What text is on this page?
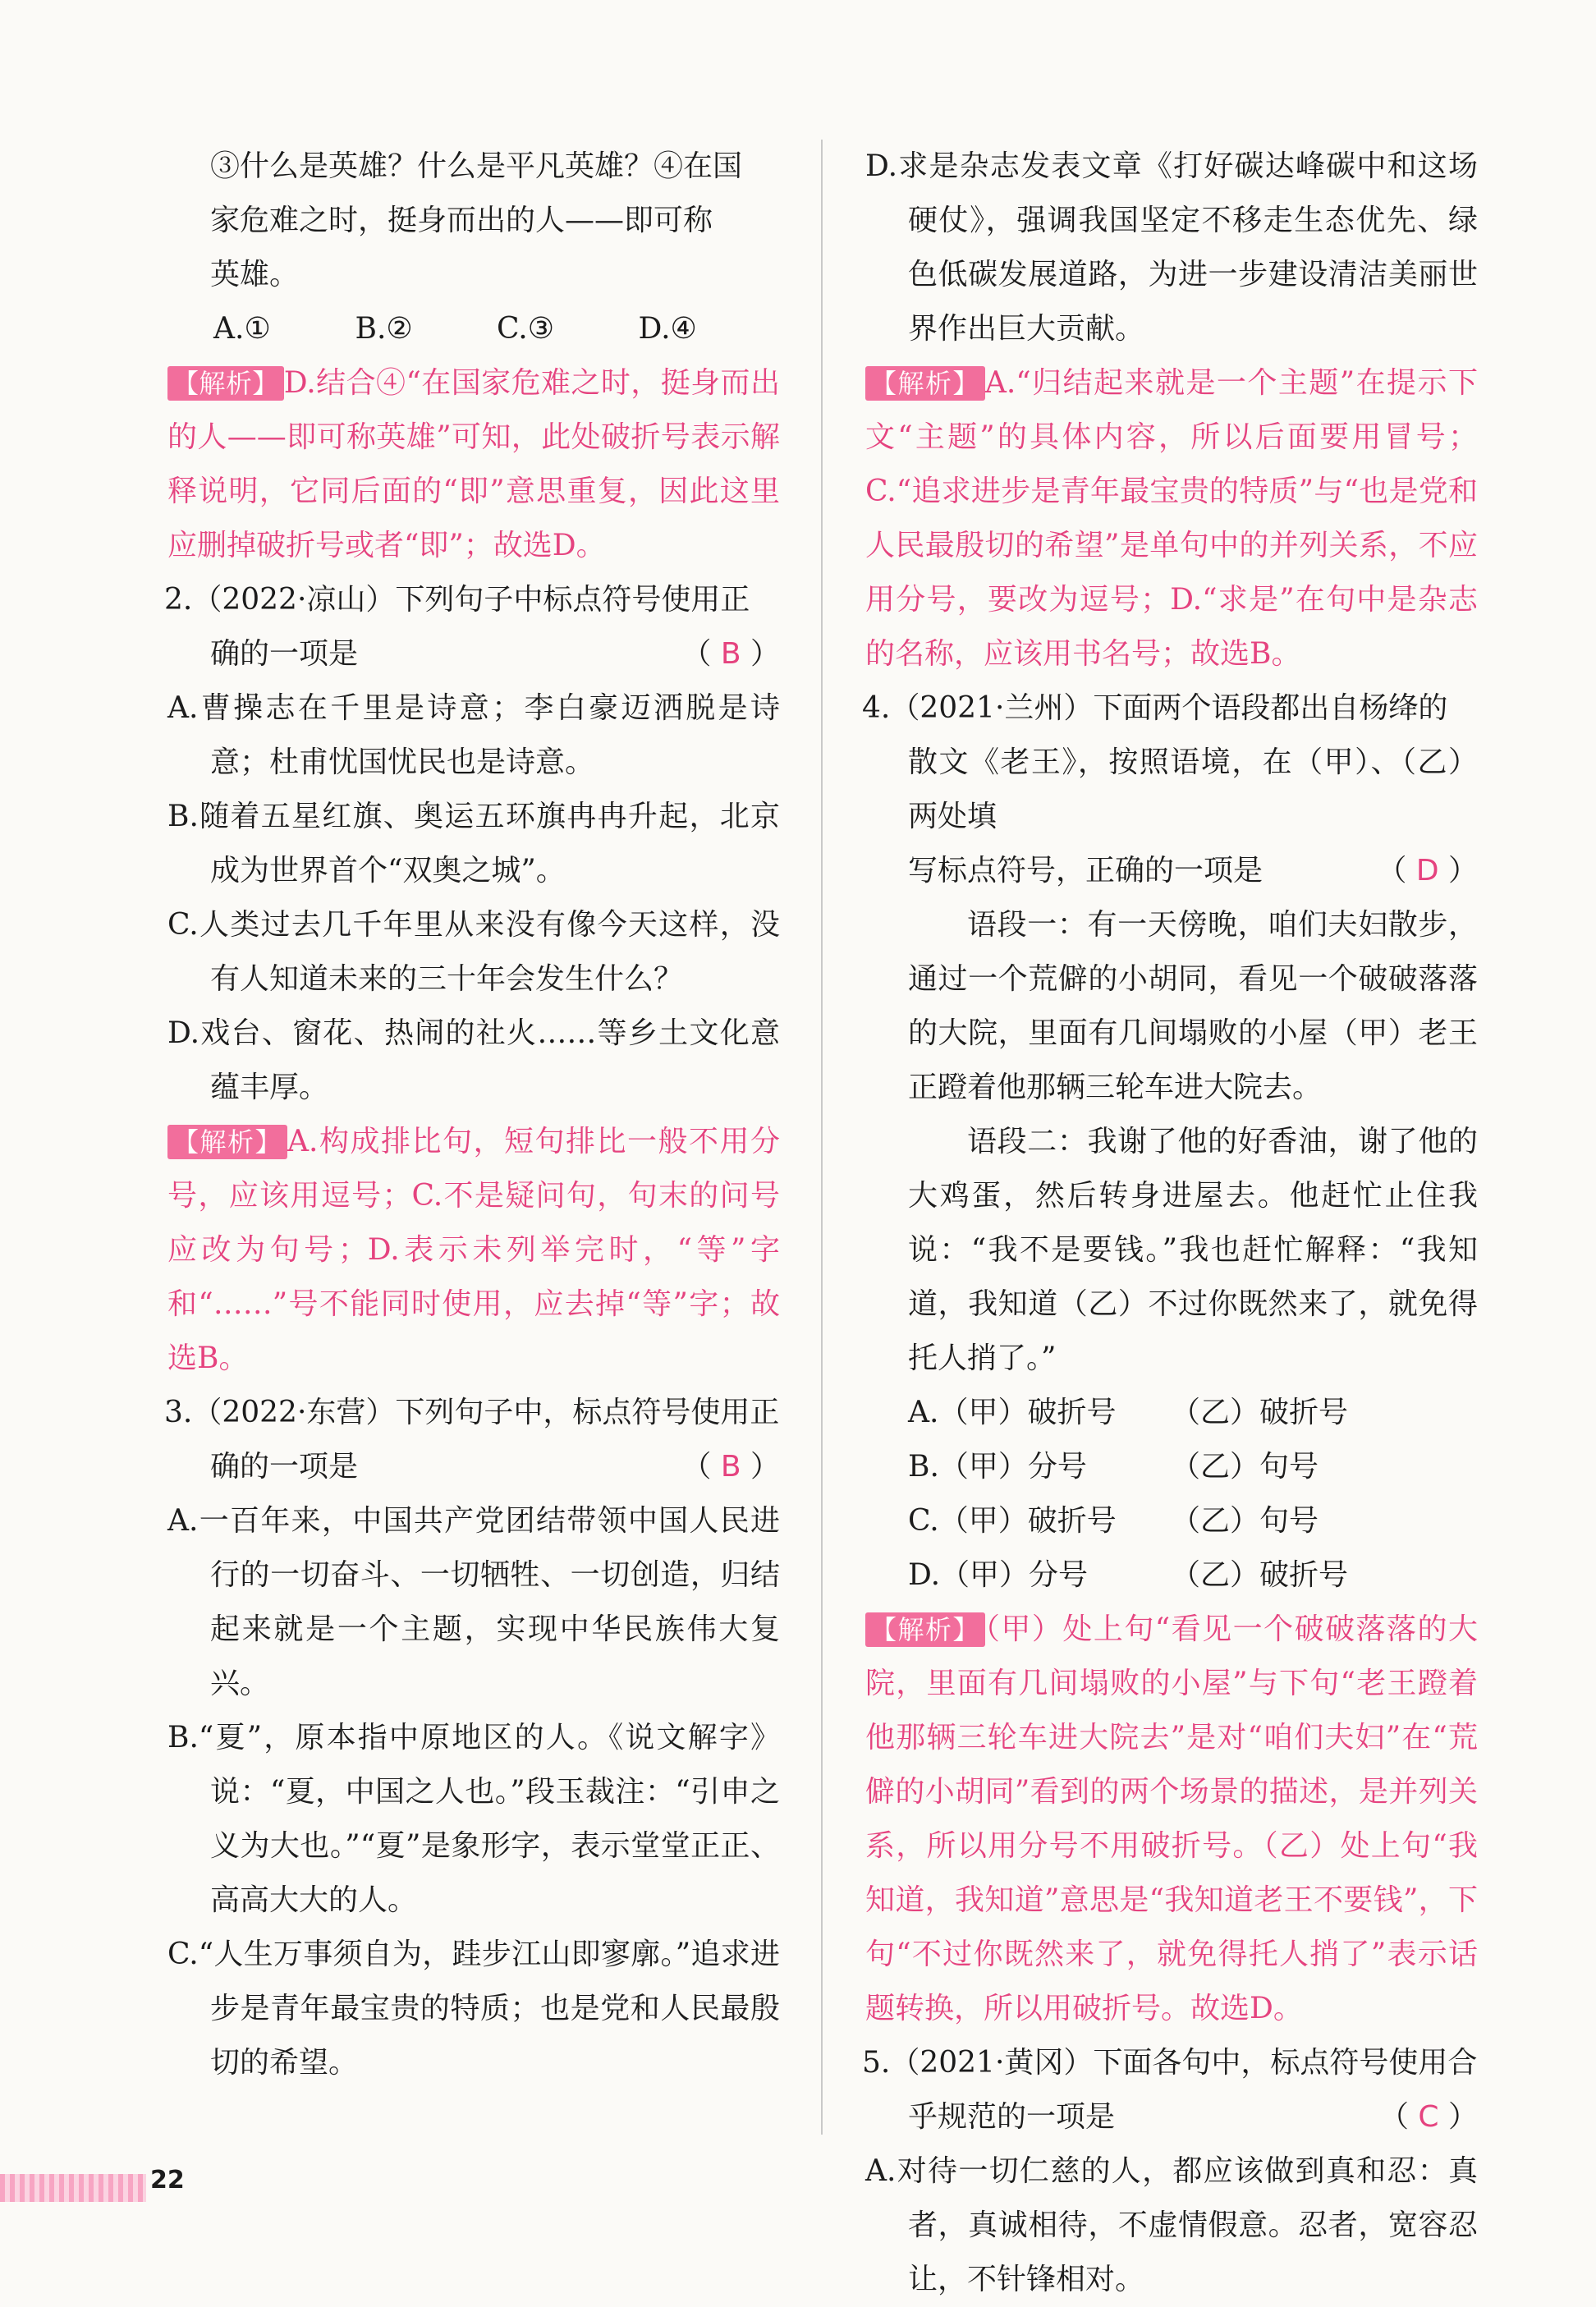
③什么是英雄？什么是平凡英雄？④在国

家危难之时，挺身而出的人——即可称

英雄。

A.①	B.②	C.③	D.④

【解析】 D.结合④“在国家危难之时，挺身而出的人——即可称英雄”可知，此处破折号表示解释说明，它同后面的“即”意思重复，因此这里应删掉破折号或者“即”；故选D。

2.（2022·凉山）下列句子中标点符号使用正

确的一项是	（ B ）

A.曹操志在千里是诗意；李白豪迈洒脱是诗意；杜甫忧国忧民也是诗意。

B.随着五星红旗、奥运五环旗冉冉升起，北京成为世界首个“双奥之城”。

C.人类过去几千年里从来没有像今天这样，没有人知道未来的三十年会发生什么？

D.戏台、窗花、热闹的社火……等乡土文化意蕴丰厚。

【解析】 A.构成排比句，短句排比一般不用分号，应该用逗号；C.不是疑问句，句末的问号应改为句号；D.表示未列举完时，“等”字和“……”号不能同时使用，应去掉“等”字；故选B。

3.（2022·东营）下列句子中，标点符号使用正

确的一项是	（ B ）

A.一百年来，中国共产党团结带领中国人民进行的一切奋斗、一切牺牲、一切创造，归结起来就是一个主题，实现中华民族伟大复兴。

B.“夏”，原本指中原地区的人。《说文解字》说：“夏，中国之人也。”段玉裁注：“引申之义为大也。”“夏”是象形字，表示堂堂正正、高高大大的人。

C.“人生万事须自为，跬步江山即寥廓。”追求进步是青年最宝贵的特质；也是党和人民最殷切的希望。

D.求是杂志发表文章《打好碳达峰碳中和这场硬仗》，强调我国坚定不移走生态优先、绿色低碳发展道路，为进一步建设清洁美丽世界作出巨大贡献。

【解析】 A.“归结起来就是一个主题”在提示下文“主题”的具体内容，所以后面要用冒号；C.“追求进步是青年最宝贵的特质”与“也是党和人民最殷切的希望”是单句中的并列关系，不应用分号，要改为逗号；D.“求是”在句中是杂志的名称，应该用书名号；故选B。

4.（2021·兰州）下面两个语段都出自杨绛的

散文《老王》，按照语境，在（甲）、（乙）两处填

写标点符号，正确的一项是	（ D ）

语段一：有一天傍晚，咱们夫妇散步，通过一个荒僻的小胡同，看见一个破破落落的大院，里面有几间塌败的小屋（甲）老王正蹬着他那辆三轮车进大院去。

语段二：我谢了他的好香油，谢了他的大鸡蛋，然后转身进屋去。他赶忙止住我说：“我不是要钱。”我也赶忙解释：“我知道，我知道（乙）不过你既然来了，就免得托人捎了。”

A.（甲）破折号 （乙）破折号

B.（甲）分号	（乙）句号

C.（甲）破折号 （乙）句号

D.（甲）分号	（乙）破折号

【解析】 （甲）处上句“看见一个破破落落的大院，里面有几间塌败的小屋”与下句“老王蹬着他那辆三轮车进大院去”是对“咱们夫妇”在“荒僻的小胡同”看到的两个场景的描述，是并列关系，所以用分号不用破折号。（乙）处上句“我知道，我知道”意思是“我知道老王不要钱”，下句“不过你既然来了，就免得托人捎了”表示话题转换，所以用破折号。故选D。

5.（2021·黄冈）下面各句中，标点符号使用合

乎规范的一项是	（ C ）

A.对待一切仁慈的人，都应该做到真和忍：真者，真诚相待，不虚情假意。忍者，宽容忍让，不针锋相对。

22
